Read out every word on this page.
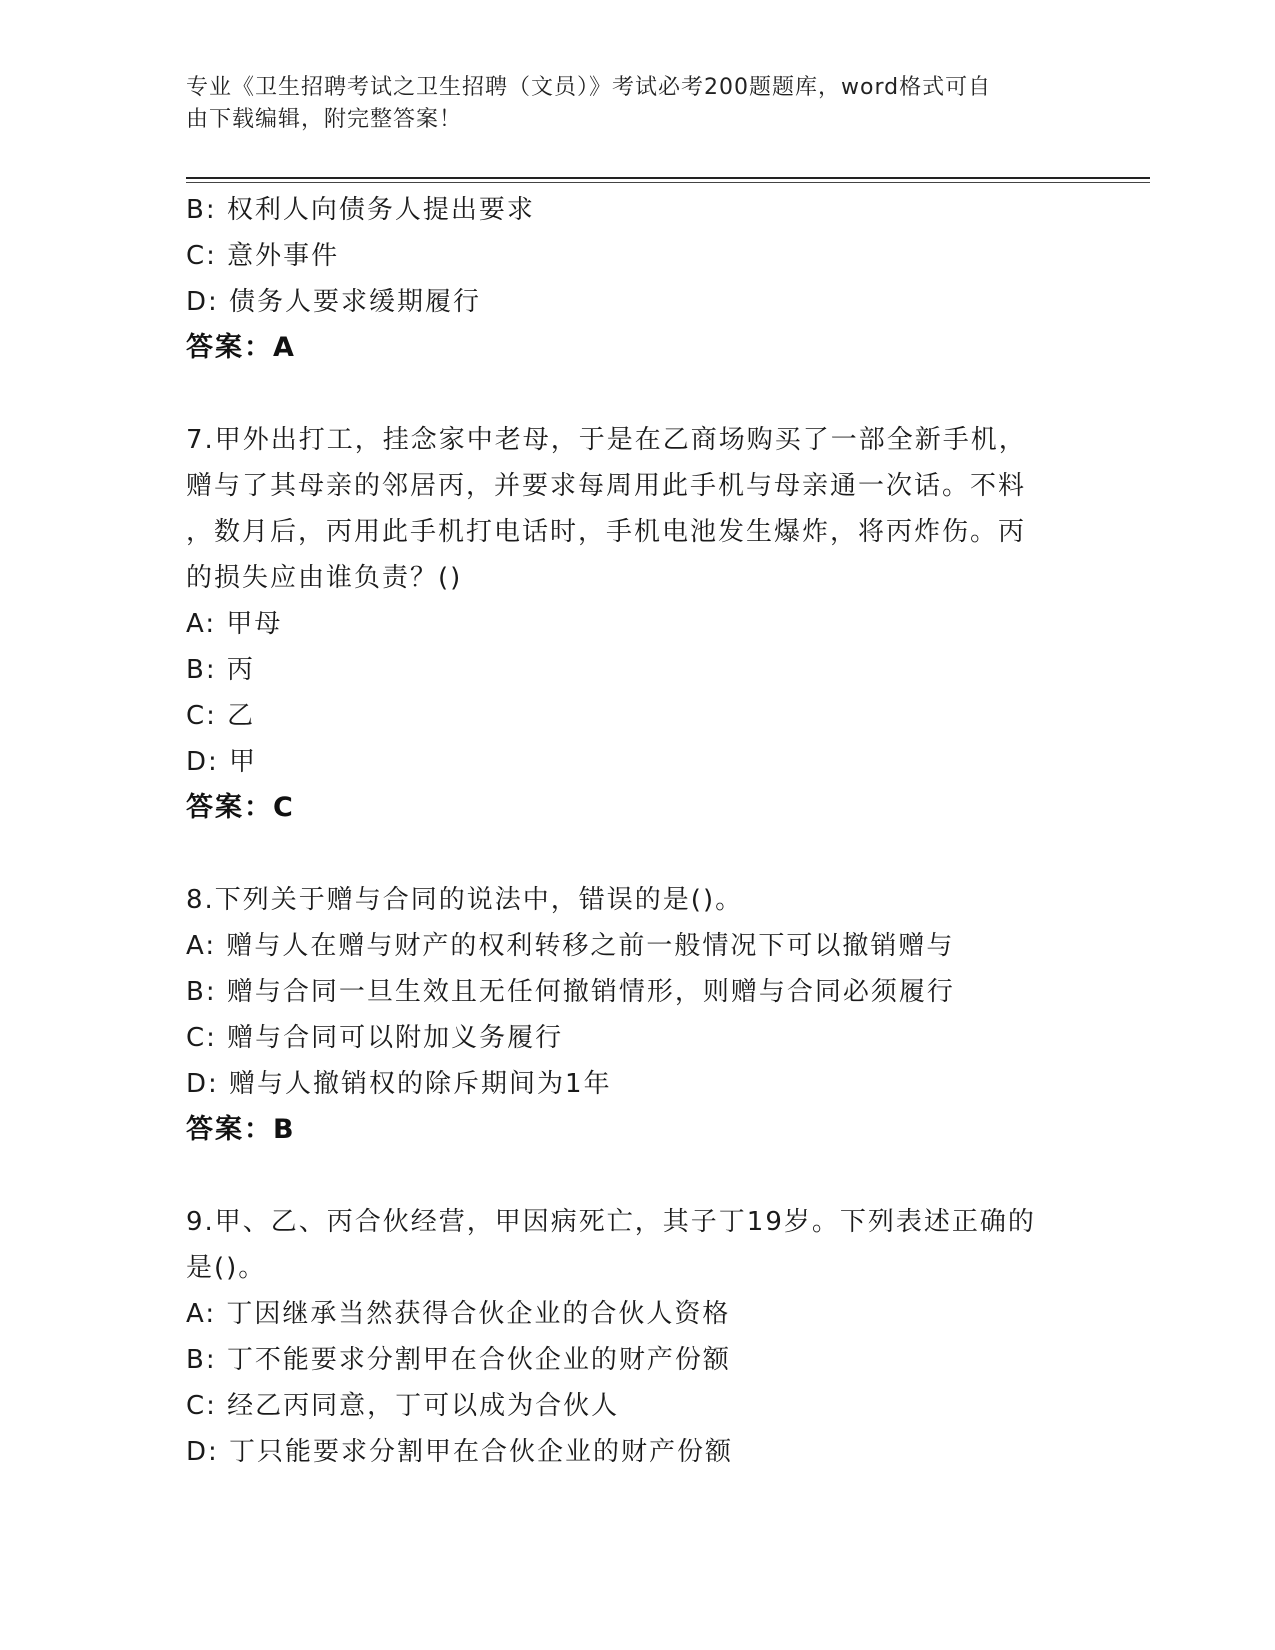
专业《卫生招聘考试之卫生招聘（文员）》考试必考200题题库，word格式可自
由下载编辑，附完整答案！
B: 权利人向债务人提出要求
C: 意外事件
D: 债务人要求缓期履行
答案：A
7.甲外出打工，挂念家中老母，于是在乙商场购买了一部全新手机，
赠与了其母亲的邻居丙，并要求每周用此手机与母亲通一次话。不料
，数月后，丙用此手机打电话时，手机电池发生爆炸，将丙炸伤。丙
的损失应由谁负责？()
A: 甲母
B: 丙
C: 乙
D: 甲
答案：C
8.下列关于赠与合同的说法中，错误的是()。
A: 赠与人在赠与财产的权利转移之前一般情况下可以撤销赠与
B: 赠与合同一旦生效且无任何撤销情形，则赠与合同必须履行
C: 赠与合同可以附加义务履行
D: 赠与人撤销权的除斥期间为1年
答案：B
9.甲、乙、丙合伙经营，甲因病死亡，其子丁19岁。下列表述正确的
是()。
A: 丁因继承当然获得合伙企业的合伙人资格
B: 丁不能要求分割甲在合伙企业的财产份额
C: 经乙丙同意，丁可以成为合伙人
D: 丁只能要求分割甲在合伙企业的财产份额
